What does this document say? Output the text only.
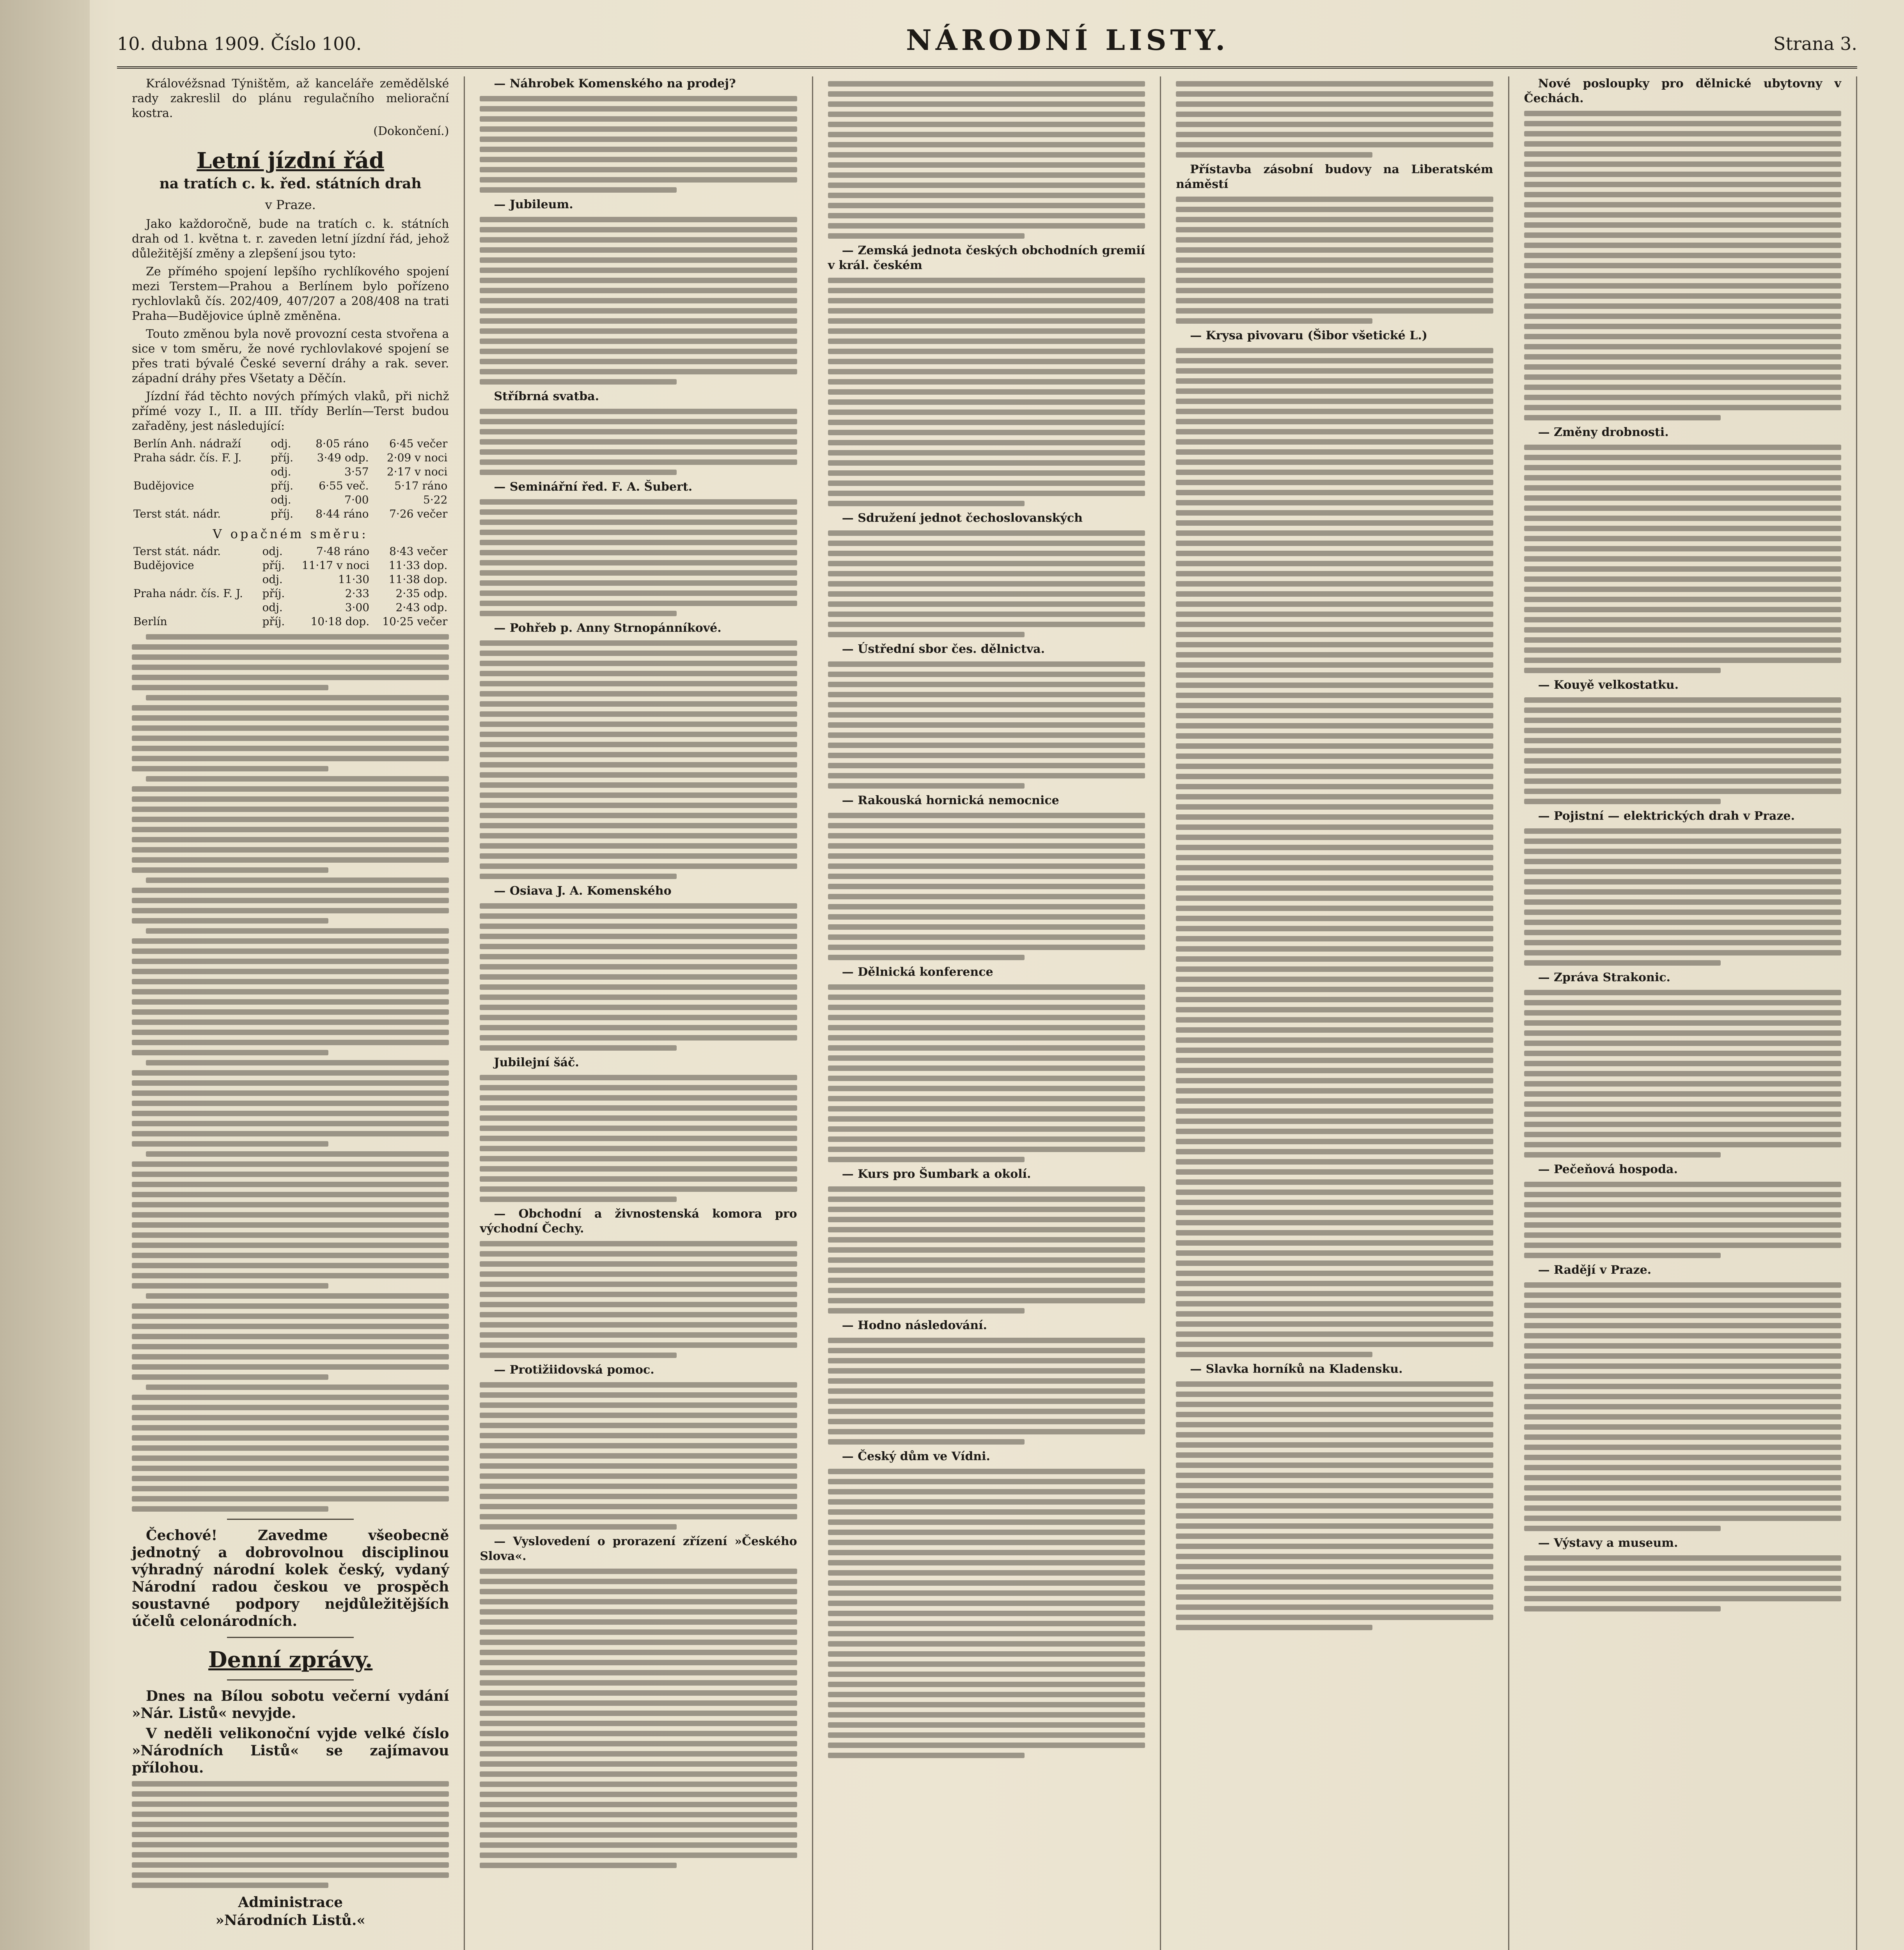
10. dubna 1909. Číslo 100.	NÁRODNÍ LISTY.	Strana 3.

Královéžsnad Týništěm, až kanceláře zemědělské rady zakreslil do plánu regulačního meliorační kostra.

(Dokončení.)

Letní jízdní řád
na tratích c. k. řed. státních drah
v Praze.

Jako každoročně, bude na tratích c. k. státních drah od 1. května t. r. zaveden letní jízdní řád, jehož důležitější změny a zlepšení jsou tyto:

Ze přímého spojení lepšího rychlíkového spojení mezi Terstem—Prahou a Berlínem bylo pořízeno rychlovlaků čís. 202/409, 407/207 a 208/408 na trati Praha—Budějovice úplně změněna.

Touto změnou byla nově provozní cesta stvořena a sice v tom směru, že nové rychlovlakové spojení se přes trati bývalé České severní dráhy a rak. sever. západní dráhy přes Všetaty a Děčín.

Jízdní řád těchto nových přímých vlaků, při nichž přímé vozy I., II. a III. třídy Berlín—Terst budou zařaděny, jest následující:

Berlín Anh. nádraží	odj.	8·05 ráno	6·45 večer
Praha sádr. čís. F. J.	příj.	3·49 odp.	2·09 v noci
	odj.	3·57	2·17 v noci
Budějovice	příj.	6·55 več.	5·17 ráno
	odj.	7·00	5·22
Terst stát. nádr.	příj.	8·44 ráno	7·26 večer
V opačném směru:
Terst stát. nádr.	odj.	7·48 ráno	8·43 večer
Budějovice	příj.	11·17 v noci	11·33 dop.
	odj.	11·30	11·38 dop.
Praha nádr. čís. F. J.	příj.	2·33	2·35 odp.
	odj.	3·00	2·43 odp.
Berlín	příj.	10·18 dop.	10·25 večer

Čechové! Zavedme všeobecně jednotný a dobrovolnou disciplinou výhradný národní kolek český, vydaný Národní radou českou ve prospěch soustavné podpory nejdůležitějších účelů celonárodních.

Denní zprávy.

Dnes na Bílou sobotu večerní vydání »Nár. Listů« nevyjde.

V neděli velikonoční vyjde velké číslo »Národních Listů« se zajímavou přílohou.

Administrace
»Národních Listů.«

— Náhrobek Komenského na prodej?

— Jubileum.

Stříbrná svatba.

— Seminářní řed. F. A. Šubert.

— Pohřeb p. Anny Strnopánníkové.

— Osiava J. A. Komenského

Jubilejní šáč.

— Obchodní a živnostenská komora pro východní Čechy.

— Protižiidovská pomoc.

— Vyslovedení o prorazení zřízení »Českého Slova«.

— Zemská jednota českých obchodních gremií v král. českém

— Sdružení jednot čechoslovanských

— Ústřední sbor čes. dělnictva.

— Rakouská hornická nemocnice

— Dělnická konference

— Kurs pro Šumbark a okolí.

— Hodno následování.

— Český dům ve Vídni.

Přístavba zásobní budovy na Liberatském náměstí

— Krysa pivovaru (Šibor všetické L.)

— Slavka horníků na Kladensku.

Nové posloupky pro dělnické ubytovny v Čechách.

— Změny drobnosti.

— Kouyě velkostatku.

— Pojistní — elektrických drah v Praze.

— Zpráva Strakonic.

— Pečeňová hospoda.

— Radějí v Praze.

— Výstavy a museum.
